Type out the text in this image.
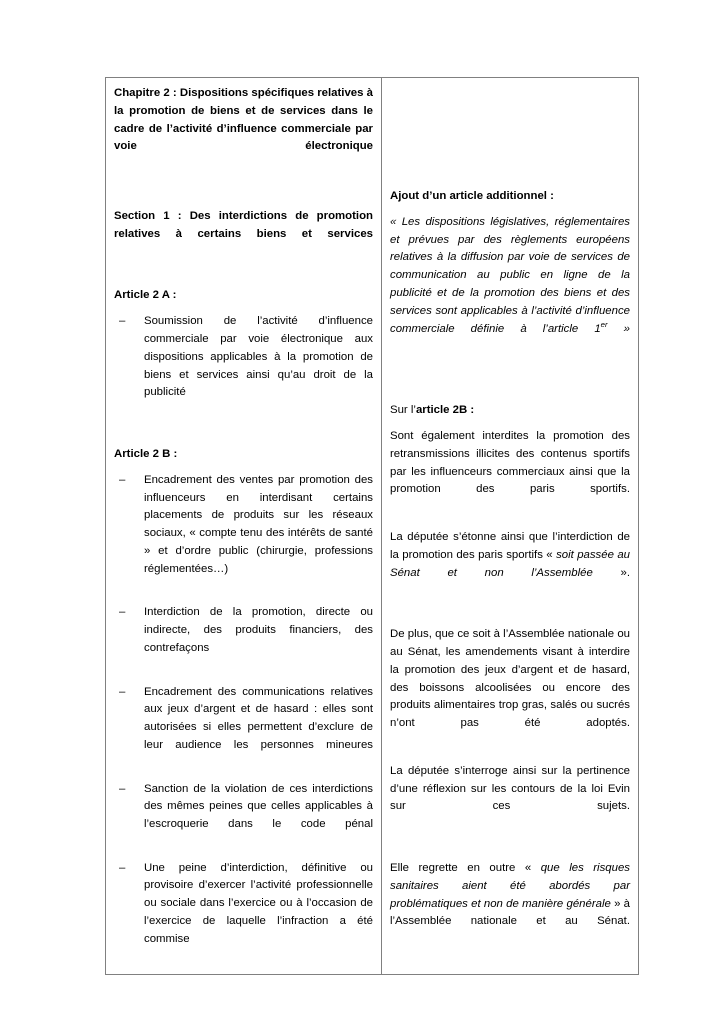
Chapitre 2 : Dispositions spécifiques relatives à la promotion de biens et de services dans le cadre de l’activité d’influence commerciale par voie électronique

Section 1 : Des interdictions de promotion relatives à certains biens et services

Article 2 A :

– Soumission de l’activité d’influence commerciale par voie électronique aux dispositions applicables à la promotion de biens et services ainsi qu’au droit de la publicité

Article 2 B :

– Encadrement des ventes par promotion des influenceurs en interdisant certains placements de produits sur les réseaux sociaux, « compte tenu des intérêts de santé » et d’ordre public (chirurgie, professions réglementées…)
– Interdiction de la promotion, directe ou indirecte, des produits financiers, des contrefaçons
– Encadrement des communications relatives aux jeux d’argent et de hasard : elles sont autorisées si elles permettent d’exclure de leur audience les personnes mineures
– Sanction de la violation de ces interdictions des mêmes peines que celles applicables à l’escroquerie dans le code pénal
– Une peine d’interdiction, définitive ou provisoire d’exercer l’activité professionnelle ou sociale dans l’exercice ou à l’occasion de l’exercice de laquelle l’infraction a été commise

Ajout d’un article additionnel :

« Les dispositions législatives, réglementaires et prévues par des règlements européens relatives à la diffusion par voie de services de communication au public en ligne de la publicité et de la promotion des biens et des services sont applicables à l’activité d’influence commerciale définie à l’article 1er »

Sur l’article 2B :

Sont également interdites la promotion des retransmissions illicites des contenus sportifs par les influenceurs commerciaux ainsi que la promotion des paris sportifs.

La députée s’étonne ainsi que l’interdiction de la promotion des paris sportifs « soit passée au Sénat et non l’Assemblée ».

De plus, que ce soit à l’Assemblée nationale ou au Sénat, les amendements visant à interdire la promotion des jeux d’argent et de hasard, des boissons alcoolisées ou encore des produits alimentaires trop gras, salés ou sucrés n’ont pas été adoptés.

La députée s’interroge ainsi sur la pertinence d’une réflexion sur les contours de la loi Evin sur ces sujets.

Elle regrette en outre « que les risques sanitaires aient été abordés par problématiques et non de manière générale » à l’Assemblée nationale et au Sénat.
